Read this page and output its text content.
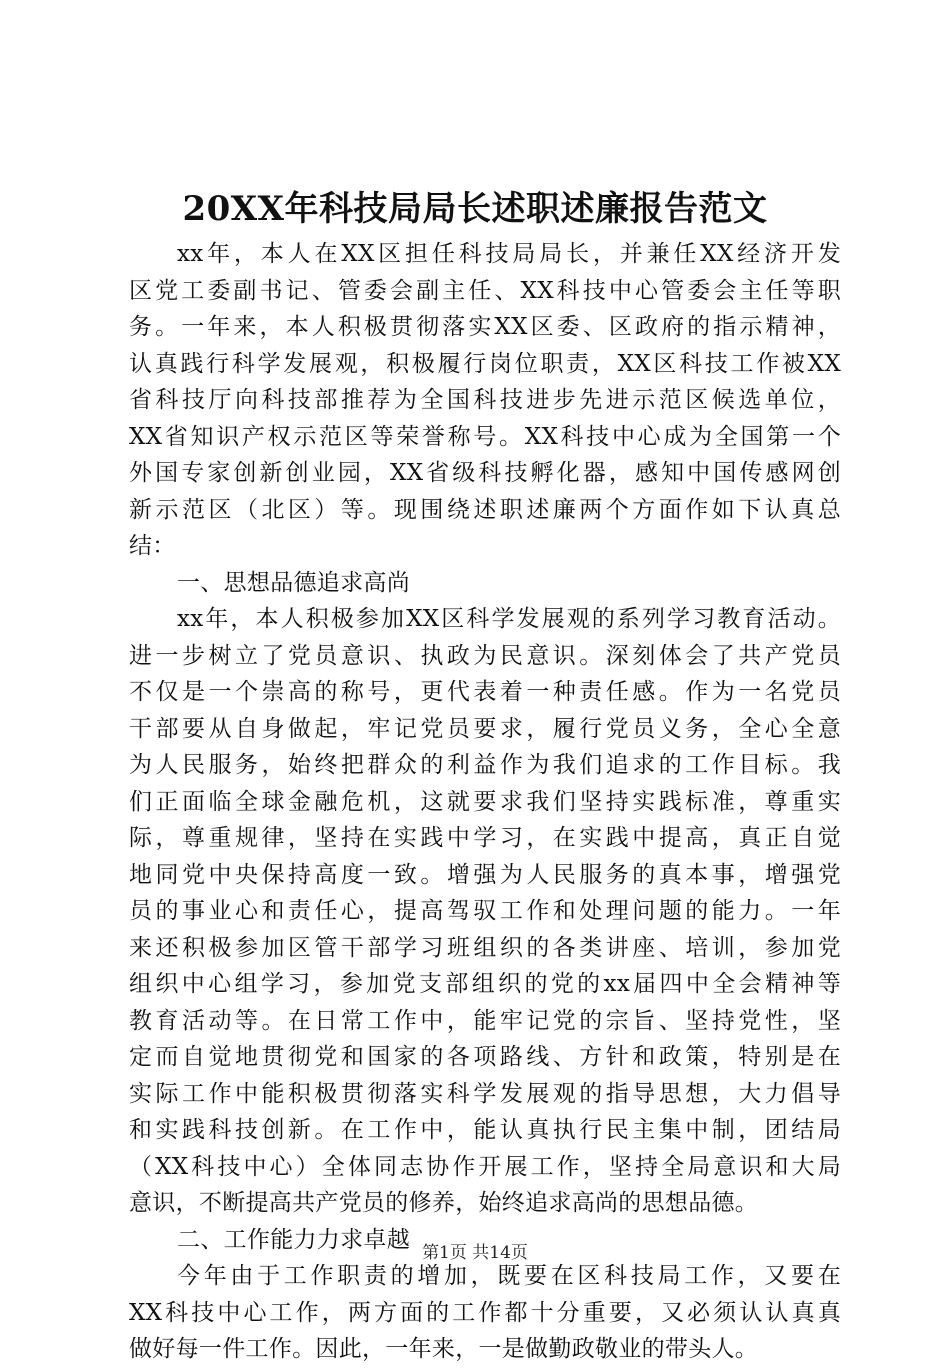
20XX年科技局局长述职述廉报告范文
xx年，本人在XX区担任科技局局长，并兼任XX经济开发
区党工委副书记、管委会副主任、XX科技中心管委会主任等职
务。一年来，本人积极贯彻落实XX区委、区政府的指示精神，
认真践行科学发展观，积极履行岗位职责，XX区科技工作被XX
省科技厅向科技部推荐为全国科技进步先进示范区候选单位，
XX省知识产权示范区等荣誉称号。XX科技中心成为全国第一个
外国专家创新创业园，XX省级科技孵化器，感知中国传感网创
新示范区（北区）等。现围绕述职述廉两个方面作如下认真总
结：
一、思想品德追求高尚
xx年，本人积极参加XX区科学发展观的系列学习教育活动。
进一步树立了党员意识、执政为民意识。深刻体会了共产党员
不仅是一个崇高的称号，更代表着一种责任感。作为一名党员
干部要从自身做起，牢记党员要求，履行党员义务，全心全意
为人民服务，始终把群众的利益作为我们追求的工作目标。我
们正面临全球金融危机，这就要求我们坚持实践标准，尊重实
际，尊重规律，坚持在实践中学习，在实践中提高，真正自觉
地同党中央保持高度一致。增强为人民服务的真本事，增强党
员的事业心和责任心，提高驾驭工作和处理问题的能力。一年
来还积极参加区管干部学习班组织的各类讲座、培训，参加党
组织中心组学习，参加党支部组织的党的xx届四中全会精神等
教育活动等。在日常工作中，能牢记党的宗旨、坚持党性，坚
定而自觉地贯彻党和国家的各项路线、方针和政策，特别是在
实际工作中能积极贯彻落实科学发展观的指导思想，大力倡导
和实践科技创新。在工作中，能认真执行民主集中制，团结局
（XX科技中心）全体同志协作开展工作，坚持全局意识和大局
意识，不断提高共产党员的修养，始终追求高尚的思想品德。
二、工作能力力求卓越
今年由于工作职责的增加，既要在区科技局工作，又要在
XX科技中心工作，两方面的工作都十分重要，又必须认认真真
做好每一件工作。因此，一年来，一是做勤政敬业的带头人。
第1页 共14页
